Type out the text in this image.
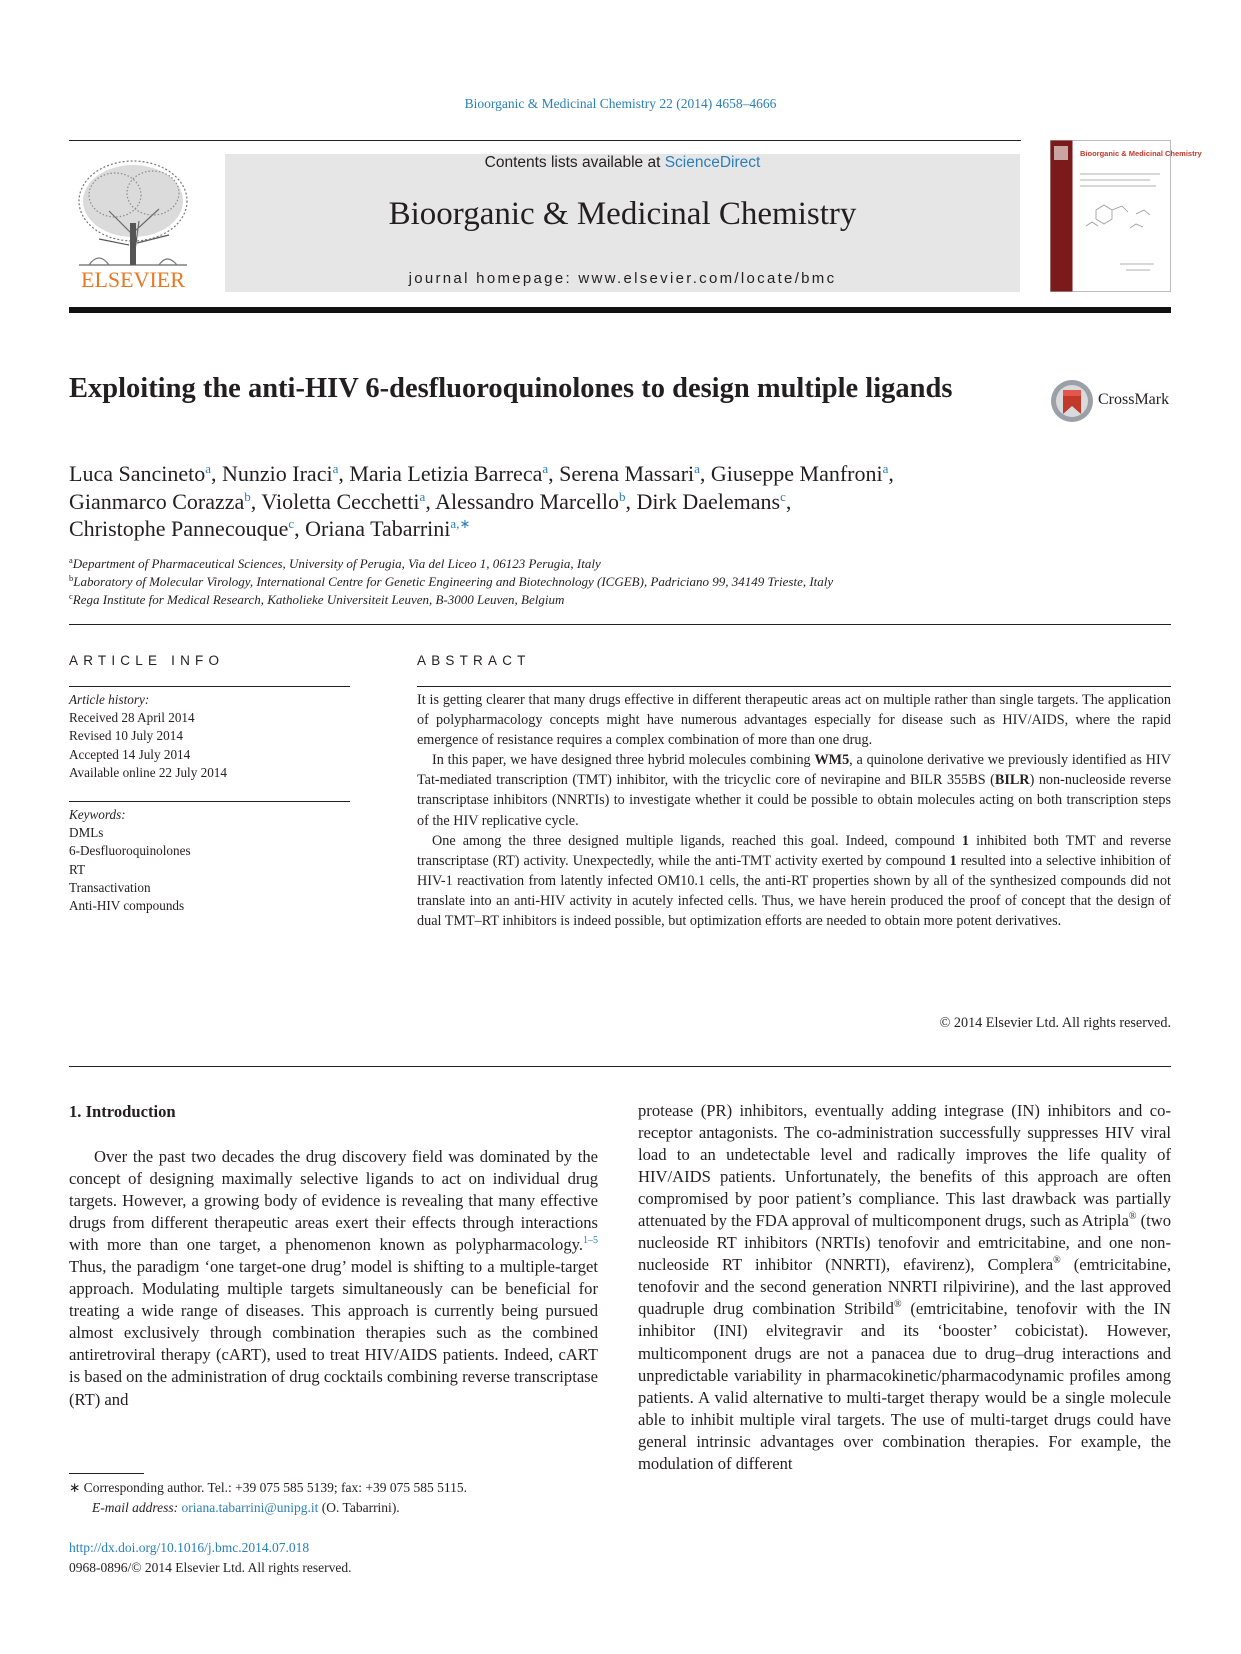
Bioorganic & Medicinal Chemistry 22 (2014) 4658–4666
ELSEVIER
Contents lists available at ScienceDirect
Bioorganic & Medicinal Chemistry
journal homepage: www.elsevier.com/locate/bmc
Bioorganic & Medicinal Chemistry
Exploiting the anti-HIV 6-desfluoroquinolones to design multiple ligands	CrossMark
Luca Sancineto$^a$, Nunzio Iraci$^a$, Maria Letizia Barreca$^a$, Serena Massari$^a$, Giuseppe Manfroni$^a$,
Gianmarco Corazza$^b$, Violetta Cecchetti$^a$, Alessandro Marcello$^b$, Dirk Daelemans$^c$,
Christophe Pannecouque$^c$, Oriana Tabarrini$^{a,∗}$
$^a$Department of Pharmaceutical Sciences, University of Perugia, Via del Liceo 1, 06123 Perugia, Italy
$^b$Laboratory of Molecular Virology, International Centre for Genetic Engineering and Biotechnology (ICGEB), Padriciano 99, 34149 Trieste, Italy
$^c$Rega Institute for Medical Research, Katholieke Universiteit Leuven, B-3000 Leuven, Belgium
ARTICLE INFO
Article history:
Received 28 April 2014
Revised 10 July 2014
Accepted 14 July 2014
Available online 22 July 2014
Keywords:
DMLs
6-Desfluoroquinolones
RT
Transactivation
Anti-HIV compounds
ABSTRACT

It is getting clearer that many drugs effective in different therapeutic areas act on multiple rather than single targets. The application of polypharmacology concepts might have numerous advantages especially for disease such as HIV/AIDS, where the rapid emergence of resistance requires a complex combination of more than one drug.

In this paper, we have designed three hybrid molecules combining WM5, a quinolone derivative we previously identified as HIV Tat-mediated transcription (TMT) inhibitor, with the tricyclic core of nevirapine and BILR 355BS (BILR) non-nucleoside reverse transcriptase inhibitors (NNRTIs) to investigate whether it could be possible to obtain molecules acting on both transcription steps of the HIV replicative cycle.

One among the three designed multiple ligands, reached this goal. Indeed, compound 1 inhibited both TMT and reverse transcriptase (RT) activity. Unexpectedly, while the anti-TMT activity exerted by compound 1 resulted into a selective inhibition of HIV-1 reactivation from latently infected OM10.1 cells, the anti-RT properties shown by all of the synthesized compounds did not translate into an anti-HIV activity in acutely infected cells. Thus, we have herein produced the proof of concept that the design of dual TMT–RT inhibitors is indeed possible, but optimization efforts are needed to obtain more potent derivatives.

© 2014 Elsevier Ltd. All rights reserved.
1. Introduction

Over the past two decades the drug discovery field was dominated by the concept of designing maximally selective ligands to act on individual drug targets. However, a growing body of evidence is revealing that many effective drugs from different therapeutic areas exert their effects through interactions with more than one target, a phenomenon known as polypharmacology.$^{1-5}$ Thus, the paradigm ‘one target-one drug’ model is shifting to a multiple-target approach. Modulating multiple targets simultaneously can be beneficial for treating a wide range of diseases. This approach is currently being pursued almost exclusively through combination therapies such as the combined antiretroviral therapy (cART), used to treat HIV/AIDS patients. Indeed, cART is based on the administration of drug cocktails combining reverse transcriptase (RT) and

protease (PR) inhibitors, eventually adding integrase (IN) inhibitors and co-receptor antagonists. The co-administration successfully suppresses HIV viral load to an undetectable level and radically improves the life quality of HIV/AIDS patients. Unfortunately, the benefits of this approach are often compromised by poor patient’s compliance. This last drawback was partially attenuated by the FDA approval of multicomponent drugs, such as Atripla® (two nucleoside RT inhibitors (NRTIs) tenofovir and emtricitabine, and one non-nucleoside RT inhibitor (NNRTI), efavirenz), Complera® (emtricitabine, tenofovir and the second generation NNRTI rilpivirine), and the last approved quadruple drug combination Stribild® (emtricitabine, tenofovir with the IN inhibitor (INI) elvitegravir and its ‘booster’ cobicistat). However, multicomponent drugs are not a panacea due to drug–drug interactions and unpredictable variability in pharmacokinetic/pharmacodynamic profiles among patients. A valid alternative to multi-target therapy would be a single molecule able to inhibit multiple viral targets. The use of multi-target drugs could have general intrinsic advantages over combination therapies. For example, the modulation of different

∗ Corresponding author. Tel.: +39 075 585 5139; fax: +39 075 585 5115.
E-mail address: oriana.tabarrini@unipg.it (O. Tabarrini).
http://dx.doi.org/10.1016/j.bmc.2014.07.018
0968-0896/© 2014 Elsevier Ltd. All rights reserved.
